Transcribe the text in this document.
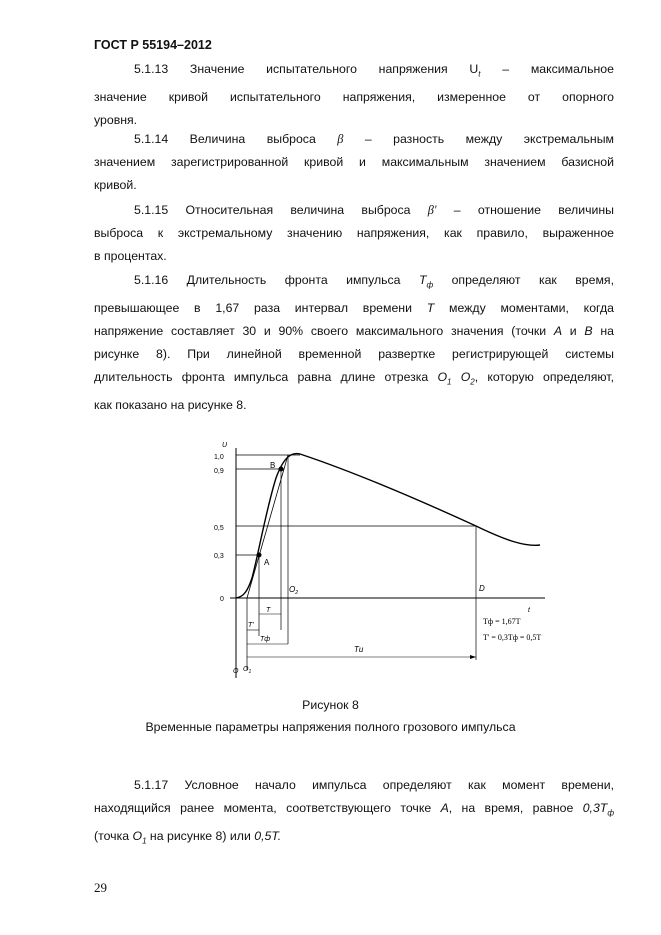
ГОСТ Р 55194–2012
5.1.13 Значение испытательного напряжения $U_t$ – максимальное
значение кривой испытательного напряжения, измеренное от опорного
уровня.
5.1.14 Величина выброса β – разность между экстремальным
значением зарегистрированной кривой и максимальным значением базисной
кривой.
5.1.15 Относительная величина выброса β' – отношение величины
выброса к экстремальному значению напряжения, как правило, выраженное
в процентах.
5.1.16 Длительность фронта импульса $T_ф$ определяют как время,
превышающее в 1,67 раза интервал времени T между моментами, когда
напряжение составляет 30 и 90% своего максимального значения (точки A и B на
рисунке 8). При линейной временной развертке регистрирующей системы
длительность фронта импульса равна длине отрезка $O_1$ $O_2$, которую определяют,
как показано на рисунке 8.
U
t
1,0
0,9
0,5
0,3
0
A
B
D
$O_2$
T
T'
Tф
Tи
O $O_1$
Tф = 1,67T
T' = 0,3Tф = 0,5T
Рисунок 8
Временные параметры напряжения полного грозового импульса
5.1.17 Условное начало импульса определяют как момент времени,
находящийся ранее момента, соответствующего точке A, на время, равное $0,3T_ф$
(точка $O_1$ на рисунке 8) или 0,5T.
29
